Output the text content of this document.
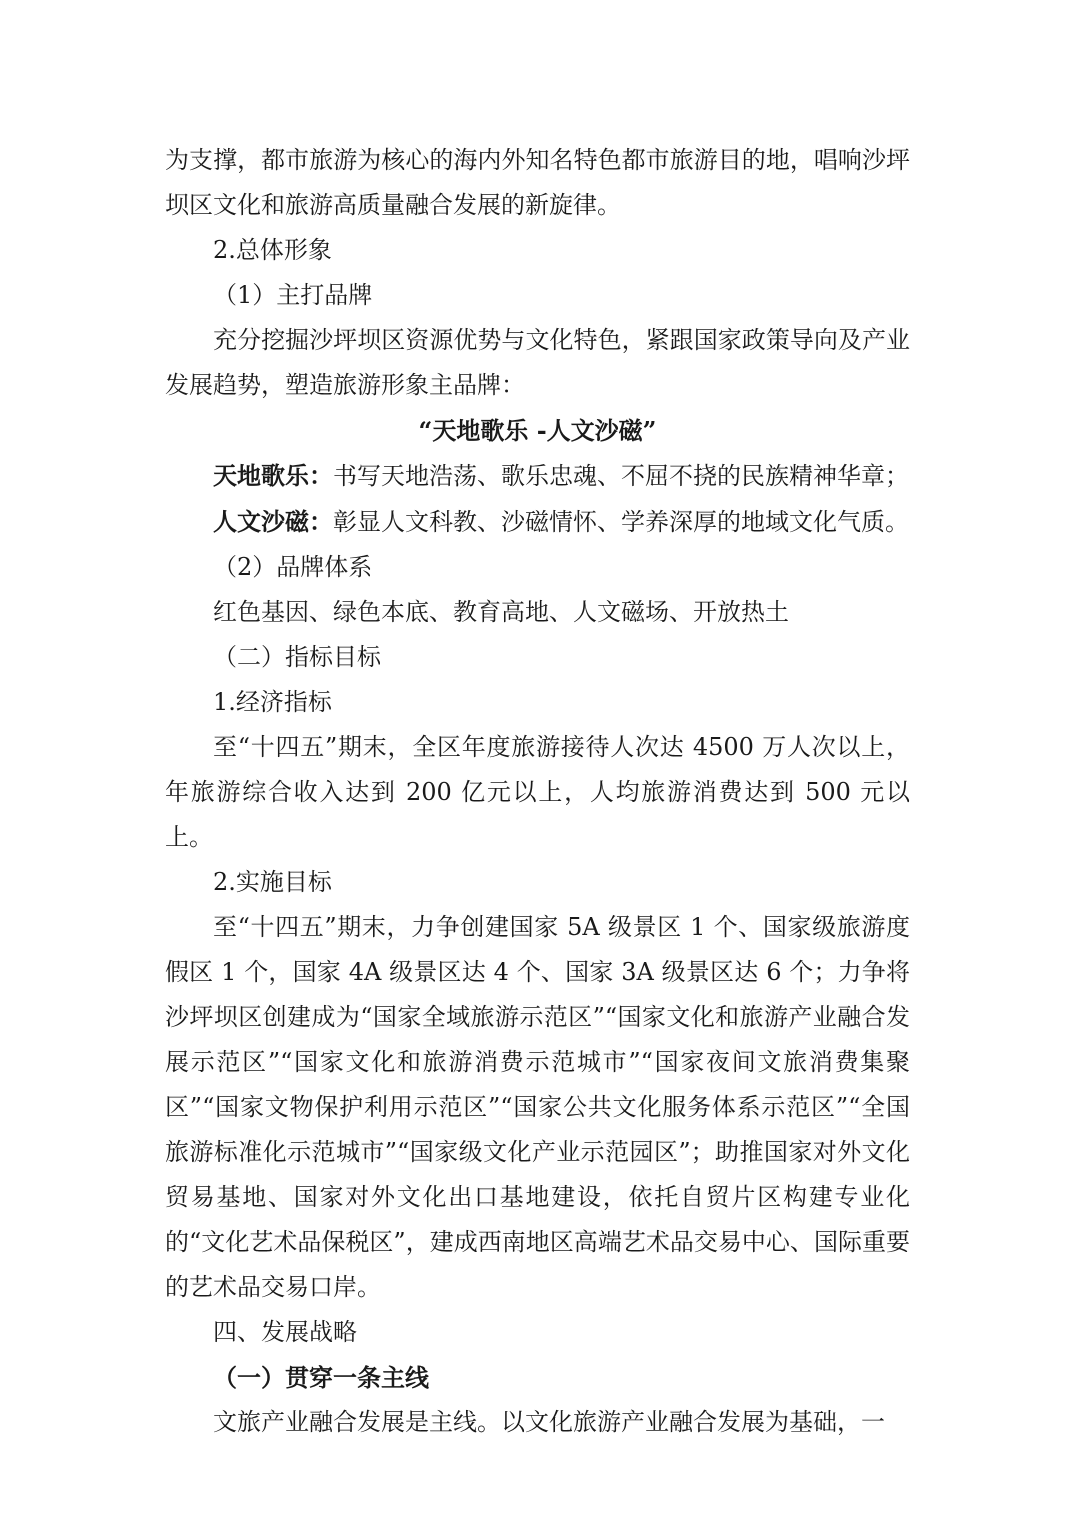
为支撑，都市旅游为核心的海内外知名特色都市旅游目的地，唱响沙坪坝区文化和旅游高质量融合发展的新旋律。

2.总体形象

（1）主打品牌

充分挖掘沙坪坝区资源优势与文化特色，紧跟国家政策导向及产业发展趋势，塑造旅游形象主品牌：

“天地歌乐 -人文沙磁”

天地歌乐：书写天地浩荡、歌乐忠魂、不屈不挠的民族精神华章；

人文沙磁：彰显人文科教、沙磁情怀、学养深厚的地域文化气质。

（2）品牌体系

红色基因、绿色本底、教育高地、人文磁场、开放热土

（二）指标目标

1.经济指标

至“十四五”期末，全区年度旅游接待人次达 4500 万人次以上，年旅游综合收入达到 200 亿元以上，人均旅游消费达到 500 元以上。

2.实施目标

至“十四五”期末，力争创建国家 5A 级景区 1 个、国家级旅游度假区 1 个，国家 4A 级景区达 4 个、国家 3A 级景区达 6 个；力争将沙坪坝区创建成为“国家全域旅游示范区”“国家文化和旅游产业融合发展示范区”“国家文化和旅游消费示范城市”“国家夜间文旅消费集聚区”“国家文物保护利用示范区”“国家公共文化服务体系示范区”“全国旅游标准化示范城市”“国家级文化产业示范园区”；助推国家对外文化贸易基地、国家对外文化出口基地建设，依托自贸片区构建专业化的“文化艺术品保税区”，建成西南地区高端艺术品交易中心、国际重要的艺术品交易口岸。

四、发展战略

（一）贯穿一条主线

文旅产业融合发展是主线。以文化旅游产业融合发展为基础，一
